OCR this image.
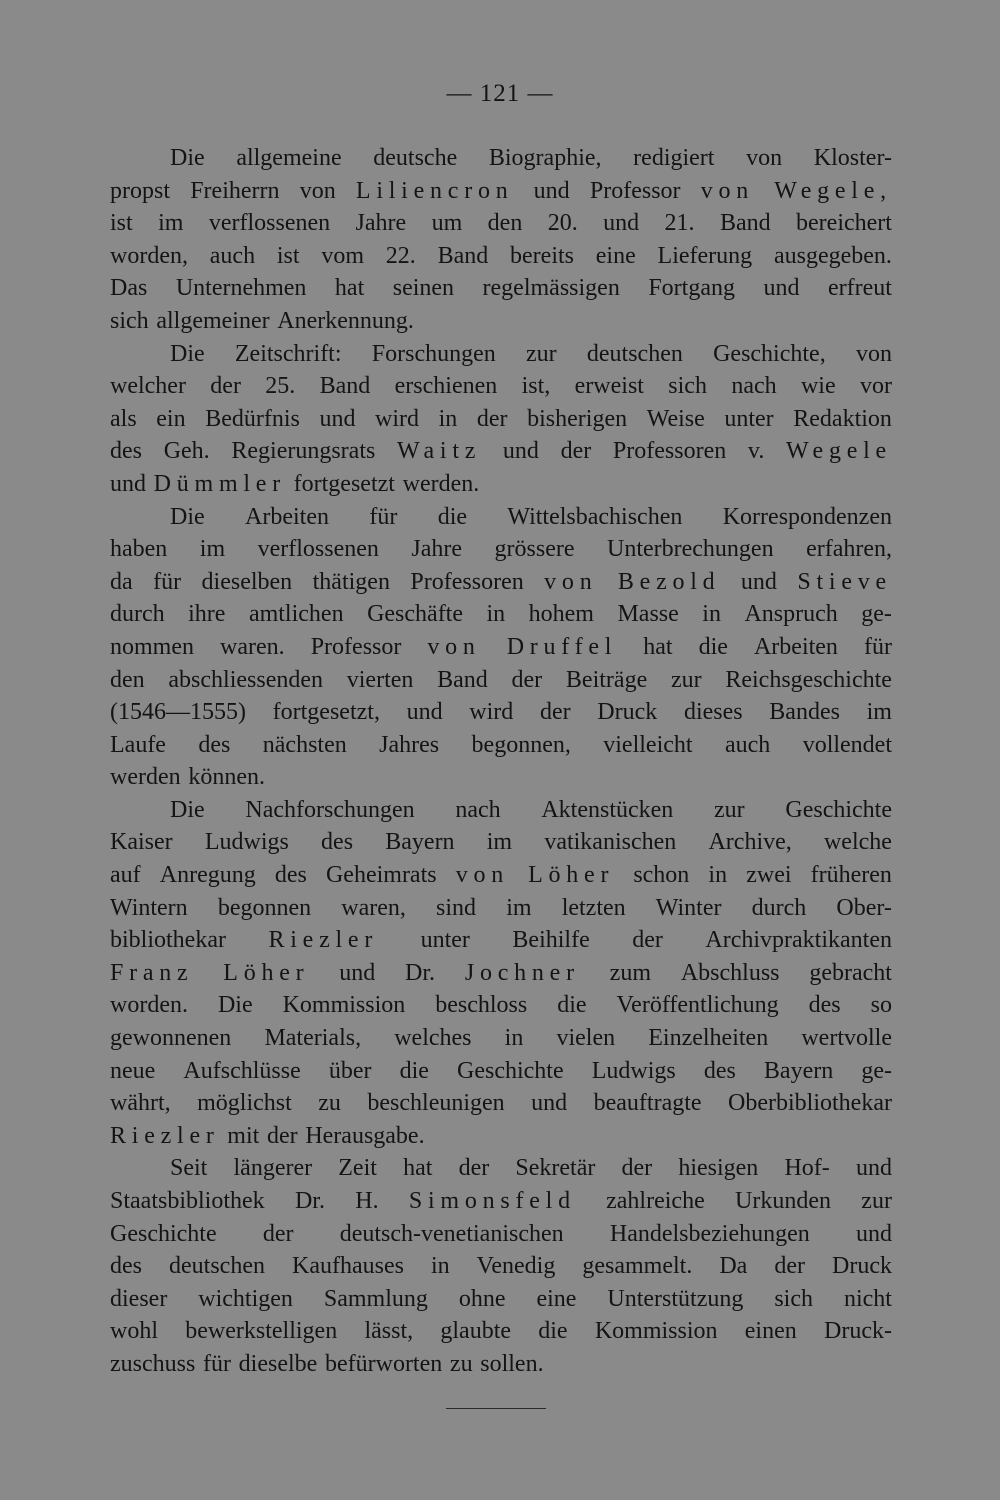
— 121 —
Die allgemeine deutsche Biographie, redigiert von Kloster-
propst Freiherrn von Liliencron und Professor von Wegele,
ist im verflossenen Jahre um den 20. und 21. Band bereichert
worden, auch ist vom 22. Band bereits eine Lieferung ausgegeben.
Das Unternehmen hat seinen regelmässigen Fortgang und erfreut
sich allgemeiner Anerkennung.
Die Zeitschrift: Forschungen zur deutschen Geschichte, von
welcher der 25. Band erschienen ist, erweist sich nach wie vor
als ein Bedürfnis und wird in der bisherigen Weise unter Redaktion
des Geh. Regierungsrats Waitz und der Professoren v. Wegele
und Dümmler fortgesetzt werden.
Die Arbeiten für die Wittelsbachischen Korrespondenzen
haben im verflossenen Jahre grössere Unterbrechungen erfahren,
da für dieselben thätigen Professoren von Bezold und Stieve
durch ihre amtlichen Geschäfte in hohem Masse in Anspruch ge-
nommen waren. Professor von Druffel hat die Arbeiten für
den abschliessenden vierten Band der Beiträge zur Reichsgeschichte
(1546—1555) fortgesetzt, und wird der Druck dieses Bandes im
Laufe des nächsten Jahres begonnen, vielleicht auch vollendet
werden können.
Die Nachforschungen nach Aktenstücken zur Geschichte
Kaiser Ludwigs des Bayern im vatikanischen Archive, welche
auf Anregung des Geheimrats von Löher schon in zwei früheren
Wintern begonnen waren, sind im letzten Winter durch Ober-
bibliothekar Riezler unter Beihilfe der Archivpraktikanten
Franz Löher und Dr. Jochner zum Abschluss gebracht
worden. Die Kommission beschloss die Veröffentlichung des so
gewonnenen Materials, welches in vielen Einzelheiten wertvolle
neue Aufschlüsse über die Geschichte Ludwigs des Bayern ge-
währt, möglichst zu beschleunigen und beauftragte Oberbibliothekar
Riezler mit der Herausgabe.
Seit längerer Zeit hat der Sekretär der hiesigen Hof- und
Staatsbibliothek Dr. H. Simonsfeld zahlreiche Urkunden zur
Geschichte der deutsch-venetianischen Handelsbeziehungen und
des deutschen Kaufhauses in Venedig gesammelt. Da der Druck
dieser wichtigen Sammlung ohne eine Unterstützung sich nicht
wohl bewerkstelligen lässt, glaubte die Kommission einen Druck-
zuschuss für dieselbe befürworten zu sollen.
